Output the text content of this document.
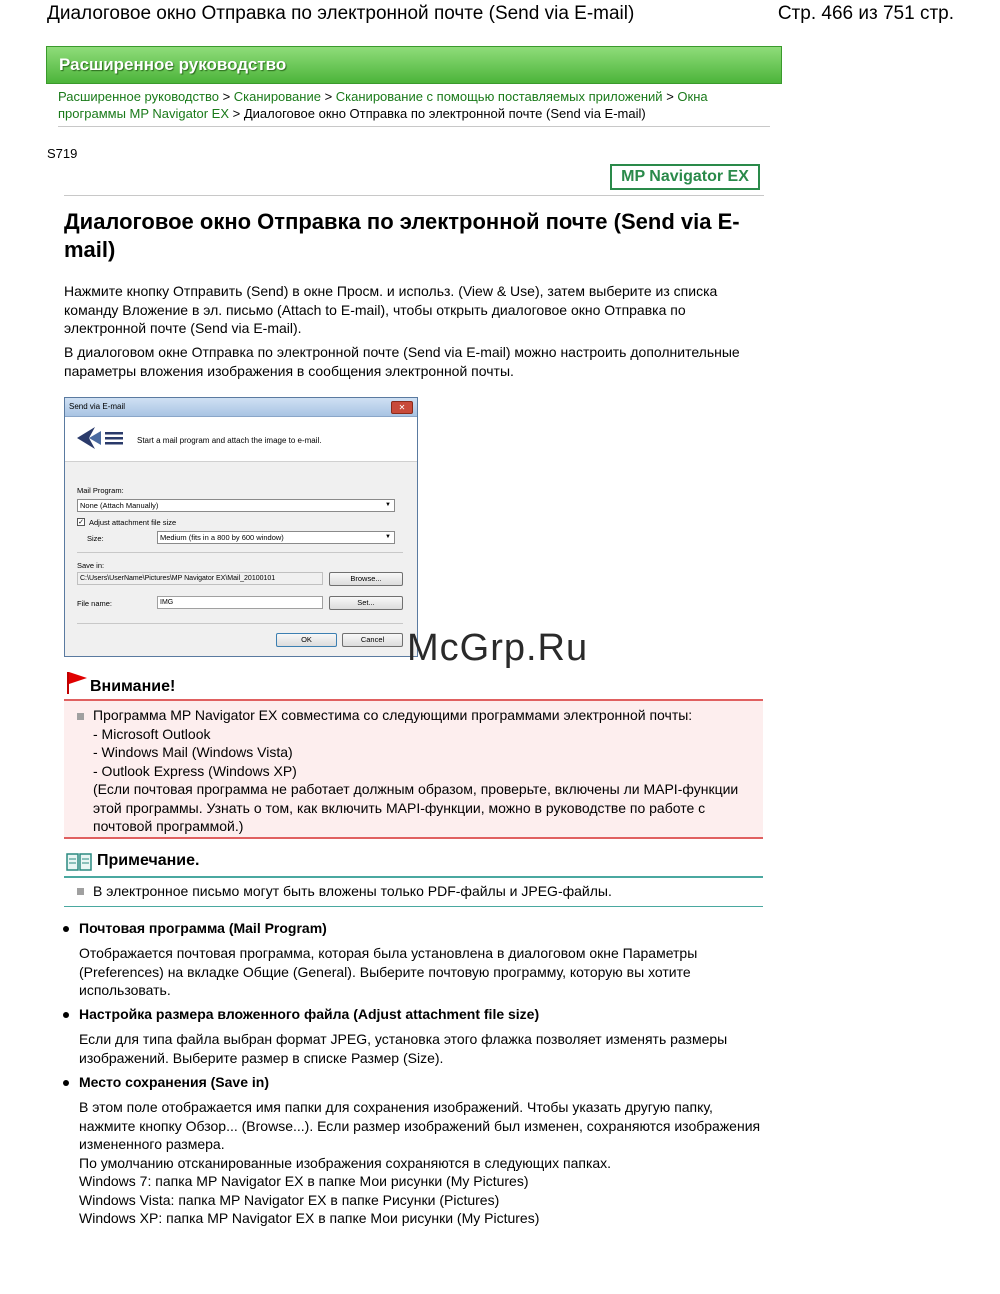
Диалоговое окно Отправка по электронной почте (Send via E-mail)	Стр. 466 из 751 стр.
Расширенное руководство
Расширенное руководство > Сканирование > Сканирование с помощью поставляемых приложений > Окна программы MP Navigator EX > Диалоговое окно Отправка по электронной почте (Send via E-mail)
S719
MP Navigator EX
Диалоговое окно Отправка по электронной почте (Send via E-mail)
Нажмите кнопку Отправить (Send) в окне Просм. и использ. (View & Use), затем выберите из списка команду Вложение в эл. письмо (Attach to E-mail), чтобы открыть диалоговое окно Отправка по электронной почте (Send via E-mail).
В диалоговом окне Отправка по электронной почте (Send via E-mail) можно настроить дополнительные параметры вложения изображения в сообщения электронной почты.
Send via E-mail	✕
Start a mail program and attach the image to e-mail.
Mail Program:
None (Attach Manually)	▼
✓ Adjust attachment file size
Size:	Medium (fits in a 800 by 600 window)	▼
Save in:
C:\Users\UserName\Pictures\MP Navigator EX\Mail_20100101	Browse...
File name:	IMG	Set...
OK	Cancel McGrp.Ru
Внимание!
Программа MP Navigator EX совместима со следующими программами электронной почты:
- Microsoft Outlook
- Windows Mail (Windows Vista)
- Outlook Express (Windows XP)
(Если почтовая программа не работает должным образом, проверьте, включены ли MAPI-функции этой программы. Узнать о том, как включить MAPI-функции, можно в руководстве по работе с почтовой программой.)
Примечание.
В электронное письмо могут быть вложены только PDF-файлы и JPEG-файлы.
Почтовая программа (Mail Program)
Отображается почтовая программа, которая была установлена в диалоговом окне Параметры (Preferences) на вкладке Общие (General). Выберите почтовую программу, которую вы хотите использовать.
Настройка размера вложенного файла (Adjust attachment file size)
Если для типа файла выбран формат JPEG, установка этого флажка позволяет изменять размеры изображений. Выберите размер в списке Размер (Size).
Место сохранения (Save in)
В этом поле отображается имя папки для сохранения изображений. Чтобы указать другую папку, нажмите кнопку Обзор... (Browse...). Если размер изображений был изменен, сохраняются изображения измененного размера.
По умолчанию отсканированные изображения сохраняются в следующих папках.
Windows 7: папка MP Navigator EX в папке Мои рисунки (My Pictures)
Windows Vista: папка MP Navigator EX в папке Рисунки (Pictures)
Windows XP: папка MP Navigator EX в папке Мои рисунки (My Pictures)
